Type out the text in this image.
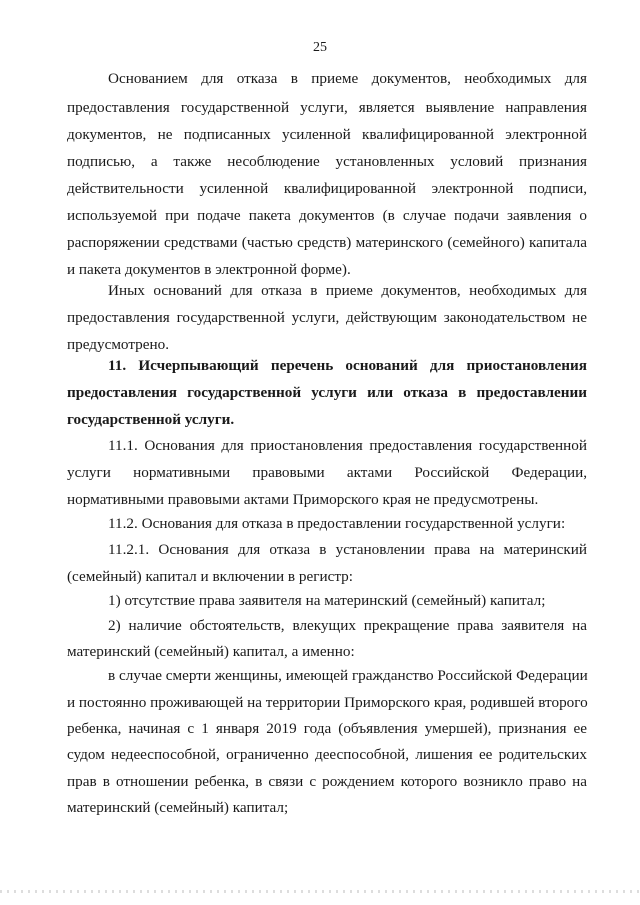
25
Основанием для отказа в приеме документов, необходимых для
предоставления государственной услуги, является выявление направления
документов, не подписанных усиленной квалифицированной электронной
подписью, а также несоблюдение установленных условий признания
действительности усиленной квалифицированной электронной подписи,
используемой при подаче пакета документов (в случае подачи заявления о
распоряжении средствами (частью средств) материнского (семейного) капитала
и пакета документов в электронной форме).
Иных оснований для отказа в приеме документов, необходимых для
предоставления государственной услуги, действующим законодательством не
предусмотрено.
11. Исчерпывающий перечень оснований для приостановления
предоставления государственной услуги или отказа в предоставлении
государственной услуги.
11.1. Основания для приостановления предоставления государственной
услуги нормативными правовыми актами Российской Федерации,
нормативными правовыми актами Приморского края не предусмотрены.
11.2. Основания для отказа в предоставлении государственной услуги:
11.2.1. Основания для отказа в установлении права на материнский
(семейный) капитал и включении в регистр:
1) отсутствие права заявителя на материнский (семейный) капитал;
2) наличие обстоятельств, влекущих прекращение права заявителя на
материнский (семейный) капитал, а именно:
в случае смерти женщины, имеющей гражданство Российской Федерации
и постоянно проживающей на территории Приморского края, родившей второго
ребенка, начиная с 1 января 2019 года (объявления умершей), признания ее
судом недееспособной, ограниченно дееспособной, лишения ее родительских
прав в отношении ребенка, в связи с рождением которого возникло право на
материнский (семейный) капитал;
